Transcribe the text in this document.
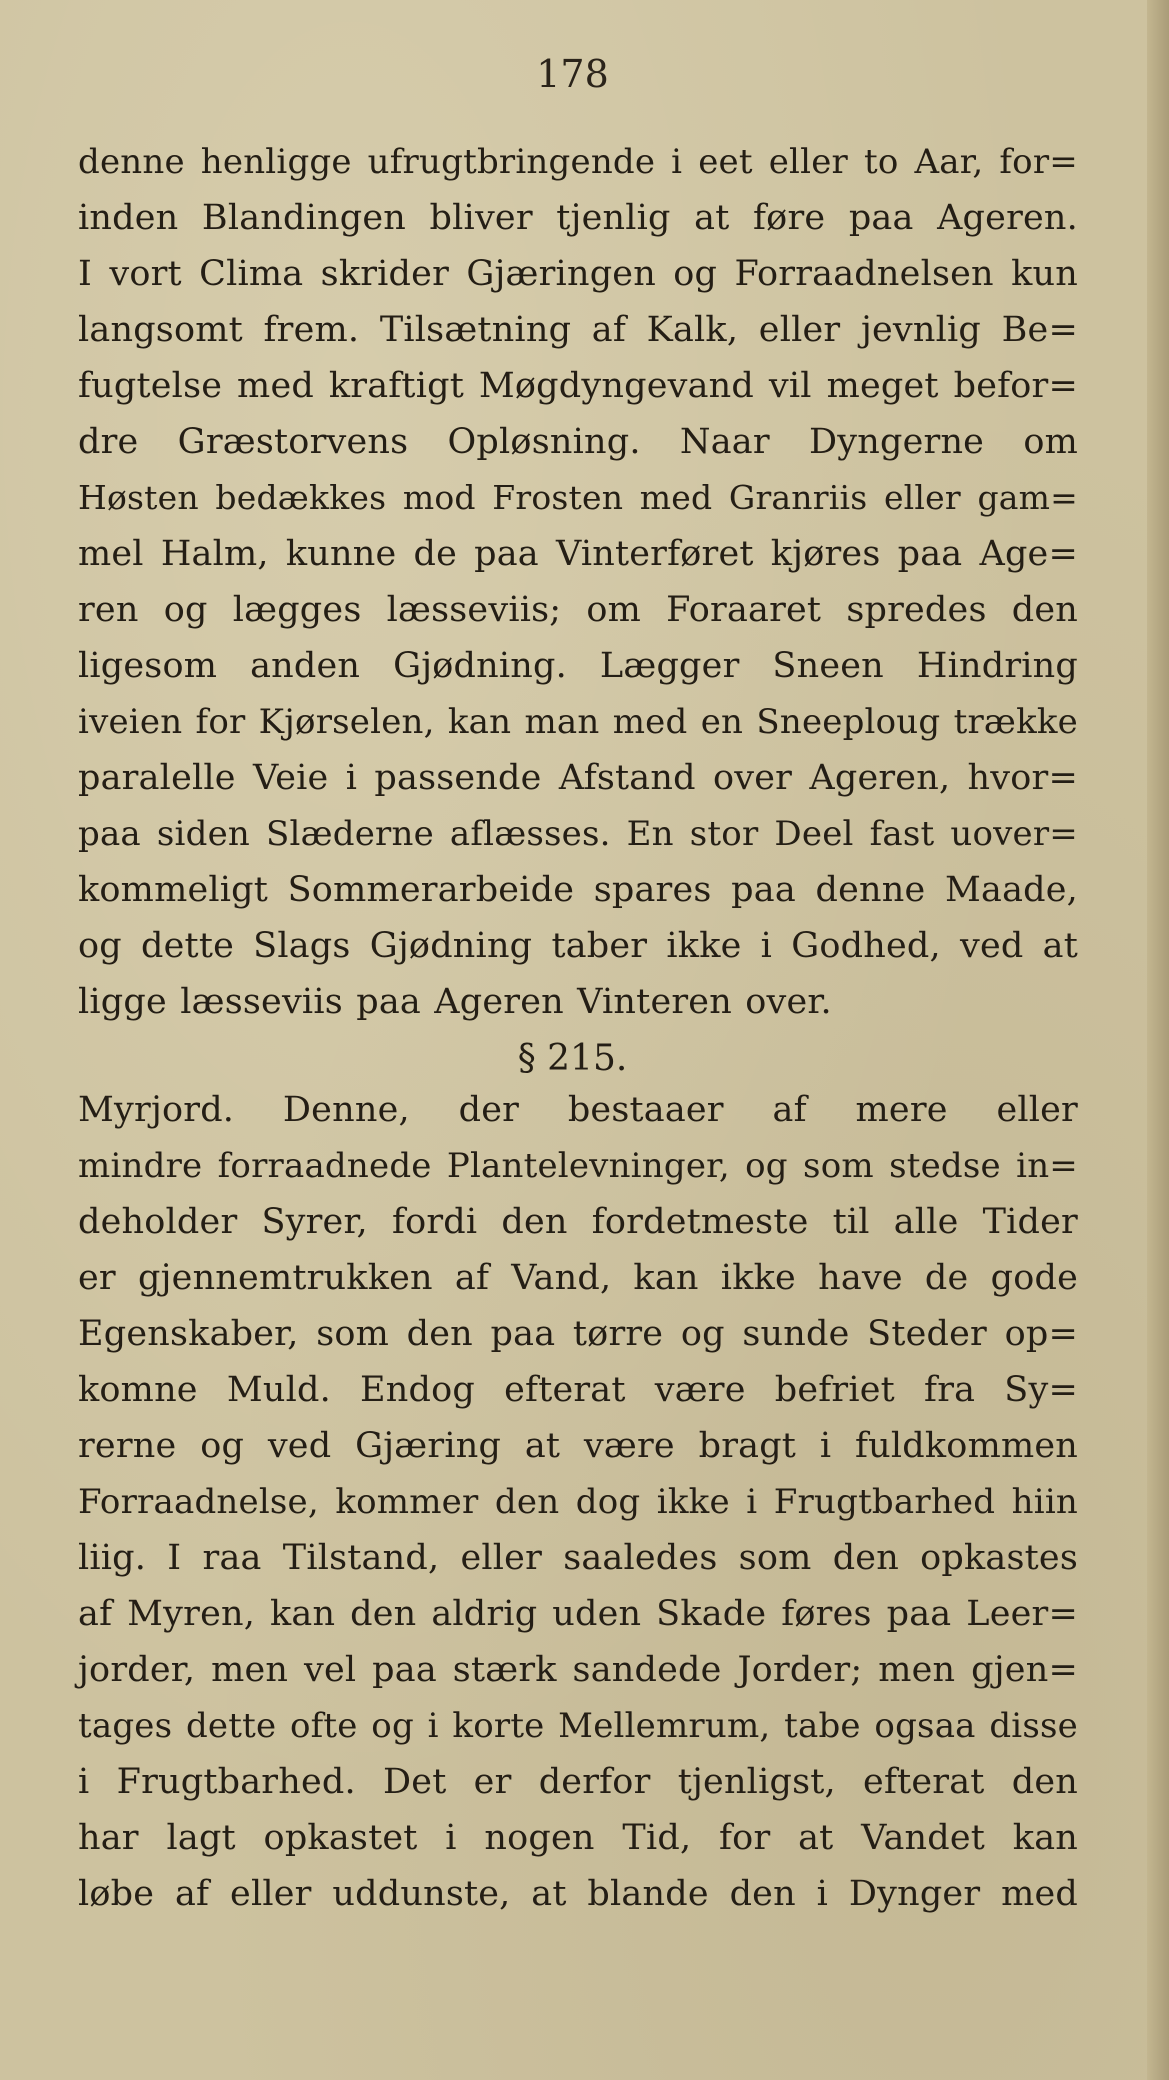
178

denne henligge ufrugtbringende i eet eller to Aar, for=
inden Blandingen bliver tjenlig at føre paa Ageren.
I vort Clima skrider Gjæringen og Forraadnelsen kun
langsomt frem. Tilsætning af Kalk, eller jevnlig Be=
fugtelse med kraftigt Møgdyngevand vil meget befor=
dre Græstorvens Opløsning. Naar Dyngerne om
Høsten bedækkes mod Frosten med Granriis eller gam=
mel Halm, kunne de paa Vinterføret kjøres paa Age=
ren og lægges læsseviis; om Foraaret spredes den
ligesom anden Gjødning. Lægger Sneen Hindring
iveien for Kjørselen, kan man med en Sneeploug trække
paralelle Veie i passende Afstand over Ageren, hvor=
paa siden Slæderne aflæsses. En stor Deel fast uover=
kommeligt Sommerarbeide spares paa denne Maade,
og dette Slags Gjødning taber ikke i Godhed, ved at
ligge læsseviis paa Ageren Vinteren over.

§ 215.

Myrjord. Denne, der bestaaer af mere eller
mindre forraadnede Plantelevninger, og som stedse in=
deholder Syrer, fordi den fordetmeste til alle Tider
er gjennemtrukken af Vand, kan ikke have de gode
Egenskaber, som den paa tørre og sunde Steder op=
komne Muld. Endog efterat være befriet fra Sy=
rerne og ved Gjæring at være bragt i fuldkommen
Forraadnelse, kommer den dog ikke i Frugtbarhed hiin
liig. I raa Tilstand, eller saaledes som den opkastes
af Myren, kan den aldrig uden Skade føres paa Leer=
jorder, men vel paa stærk sandede Jorder; men gjen=
tages dette ofte og i korte Mellemrum, tabe ogsaa disse
i Frugtbarhed. Det er derfor tjenligst, efterat den
har lagt opkastet i nogen Tid, for at Vandet kan
løbe af eller uddunste, at blande den i Dynger med
